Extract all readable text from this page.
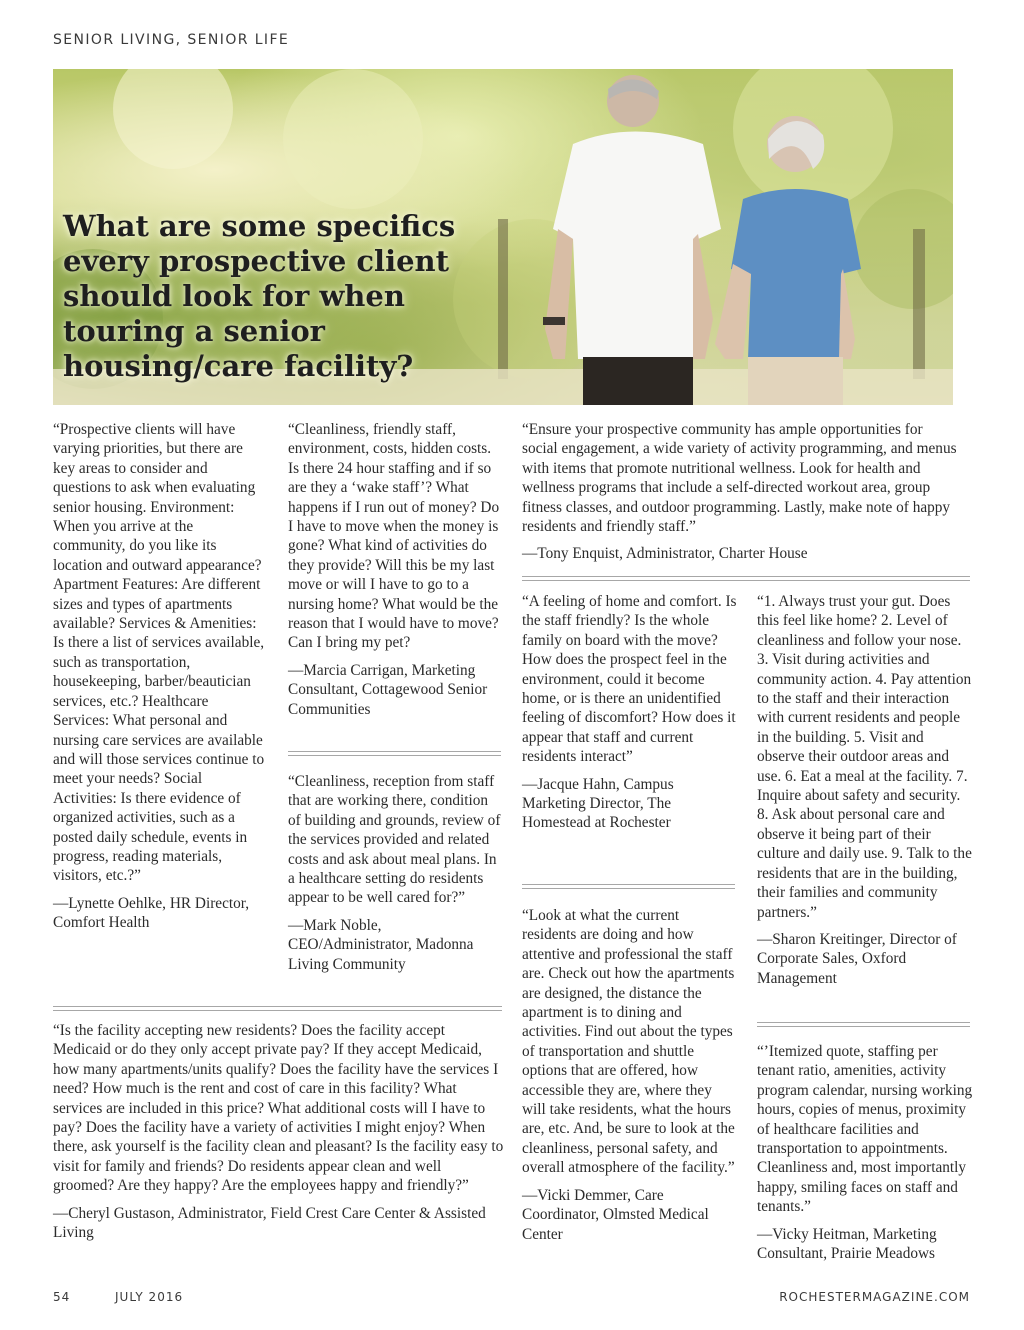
SENIOR LIVING, SENIOR LIFE
What are some specifics every prospective client should look for when touring a senior housing/care facility?

“Prospective clients will have varying priorities, but there are key areas to consider and questions to ask when evaluating senior housing. Environment: When you arrive at the community, do you like its location and outward appearance? Apartment Features: Are different sizes and types of apartments available? Services & Amenities: Is there a list of services available, such as transportation, housekeeping, barber/beautician services, etc.? Healthcare Services: What personal and nursing care services are available and will those services continue to meet your needs? Social Activities: Is there evidence of organized activities, such as a posted daily schedule, events in progress, reading materials, visitors, etc.?”

—Lynette Oehlke, HR Director, Comfort Health

“Cleanliness, friendly staff, environment, costs, hidden costs. Is there 24 hour staffing and if so are they a ‘wake staff’? What happens if I run out of money? Do I have to move when the money is gone? What kind of activities do they provide? Will this be my last move or will I have to go to a nursing home? What would be the reason that I would have to move? Can I bring my pet?

—Marcia Carrigan, Marketing Consultant, Cottagewood Senior Communities

“Cleanliness, reception from staff that are working there, condition of building and grounds, review of the services provided and related costs and ask about meal plans. In a healthcare setting do residents appear to be well cared for?”

—Mark Noble, CEO/Administrator, Madonna Living Community

“Ensure your prospective community has ample opportunities for social engagement, a wide variety of activity programming, and menus with items that promote nutritional wellness. Look for health and wellness programs that include a self-directed workout area, group fitness classes, and outdoor programming. Lastly, make note of happy residents and friendly staff.”

—Tony Enquist, Administrator, Charter House

“A feeling of home and comfort. Is the staff friendly? Is the whole family on board with the move? How does the prospect feel in the environment, could it become home, or is there an unidentified feeling of discomfort? How does it appear that staff and current residents interact”

—Jacque Hahn, Campus Marketing Director, The Homestead at Rochester

“1. Always trust your gut. Does this feel like home? 2. Level of cleanliness and follow your nose. 3. Visit during activities and community action. 4. Pay attention to the staff and their interaction with current residents and people in the building. 5. Visit and observe their outdoor areas and use. 6. Eat a meal at the facility. 7. Inquire about safety and security. 8. Ask about personal care and observe it being part of their culture and daily use. 9. Talk to the residents that are in the building, their families and community partners.”

—Sharon Kreitinger, Director of Corporate Sales, Oxford Management

“Look at what the current residents are doing and how attentive and professional the staff are. Check out how the apartments are designed, the distance the apartment is to dining and activities. Find out about the types of transportation and shuttle options that are offered, how accessible they are, where they will take residents, what the hours are, etc. And, be sure to look at the cleanliness, personal safety, and overall atmosphere of the facility.”

—Vicki Demmer, Care Coordinator, Olmsted Medical Center

“Is the facility accepting new residents? Does the facility accept Medicaid or do they only accept private pay? If they accept Medicaid, how many apartments/units qualify? Does the facility have the services I need? How much is the rent and cost of care in this facility? What services are included in this price? What additional costs will I have to pay? Does the facility have a variety of activities I might enjoy? When there, ask yourself is the facility clean and pleasant? Is the facility easy to visit for family and friends? Do residents appear clean and well groomed? Are they happy? Are the employees happy and friendly?”

—Cheryl Gustason, Administrator, Field Crest Care Center & Assisted Living

“’Itemized quote, staffing per tenant ratio, amenities, activity program calendar, nursing working hours, copies of menus, proximity of healthcare facilities and transportation to appointments. Cleanliness and, most importantly happy, smiling faces on staff and tenants.”

—Vicky Heitman, Marketing Consultant, Prairie Meadows

54	JULY 2016	ROCHESTERMAGAZINE.COM
